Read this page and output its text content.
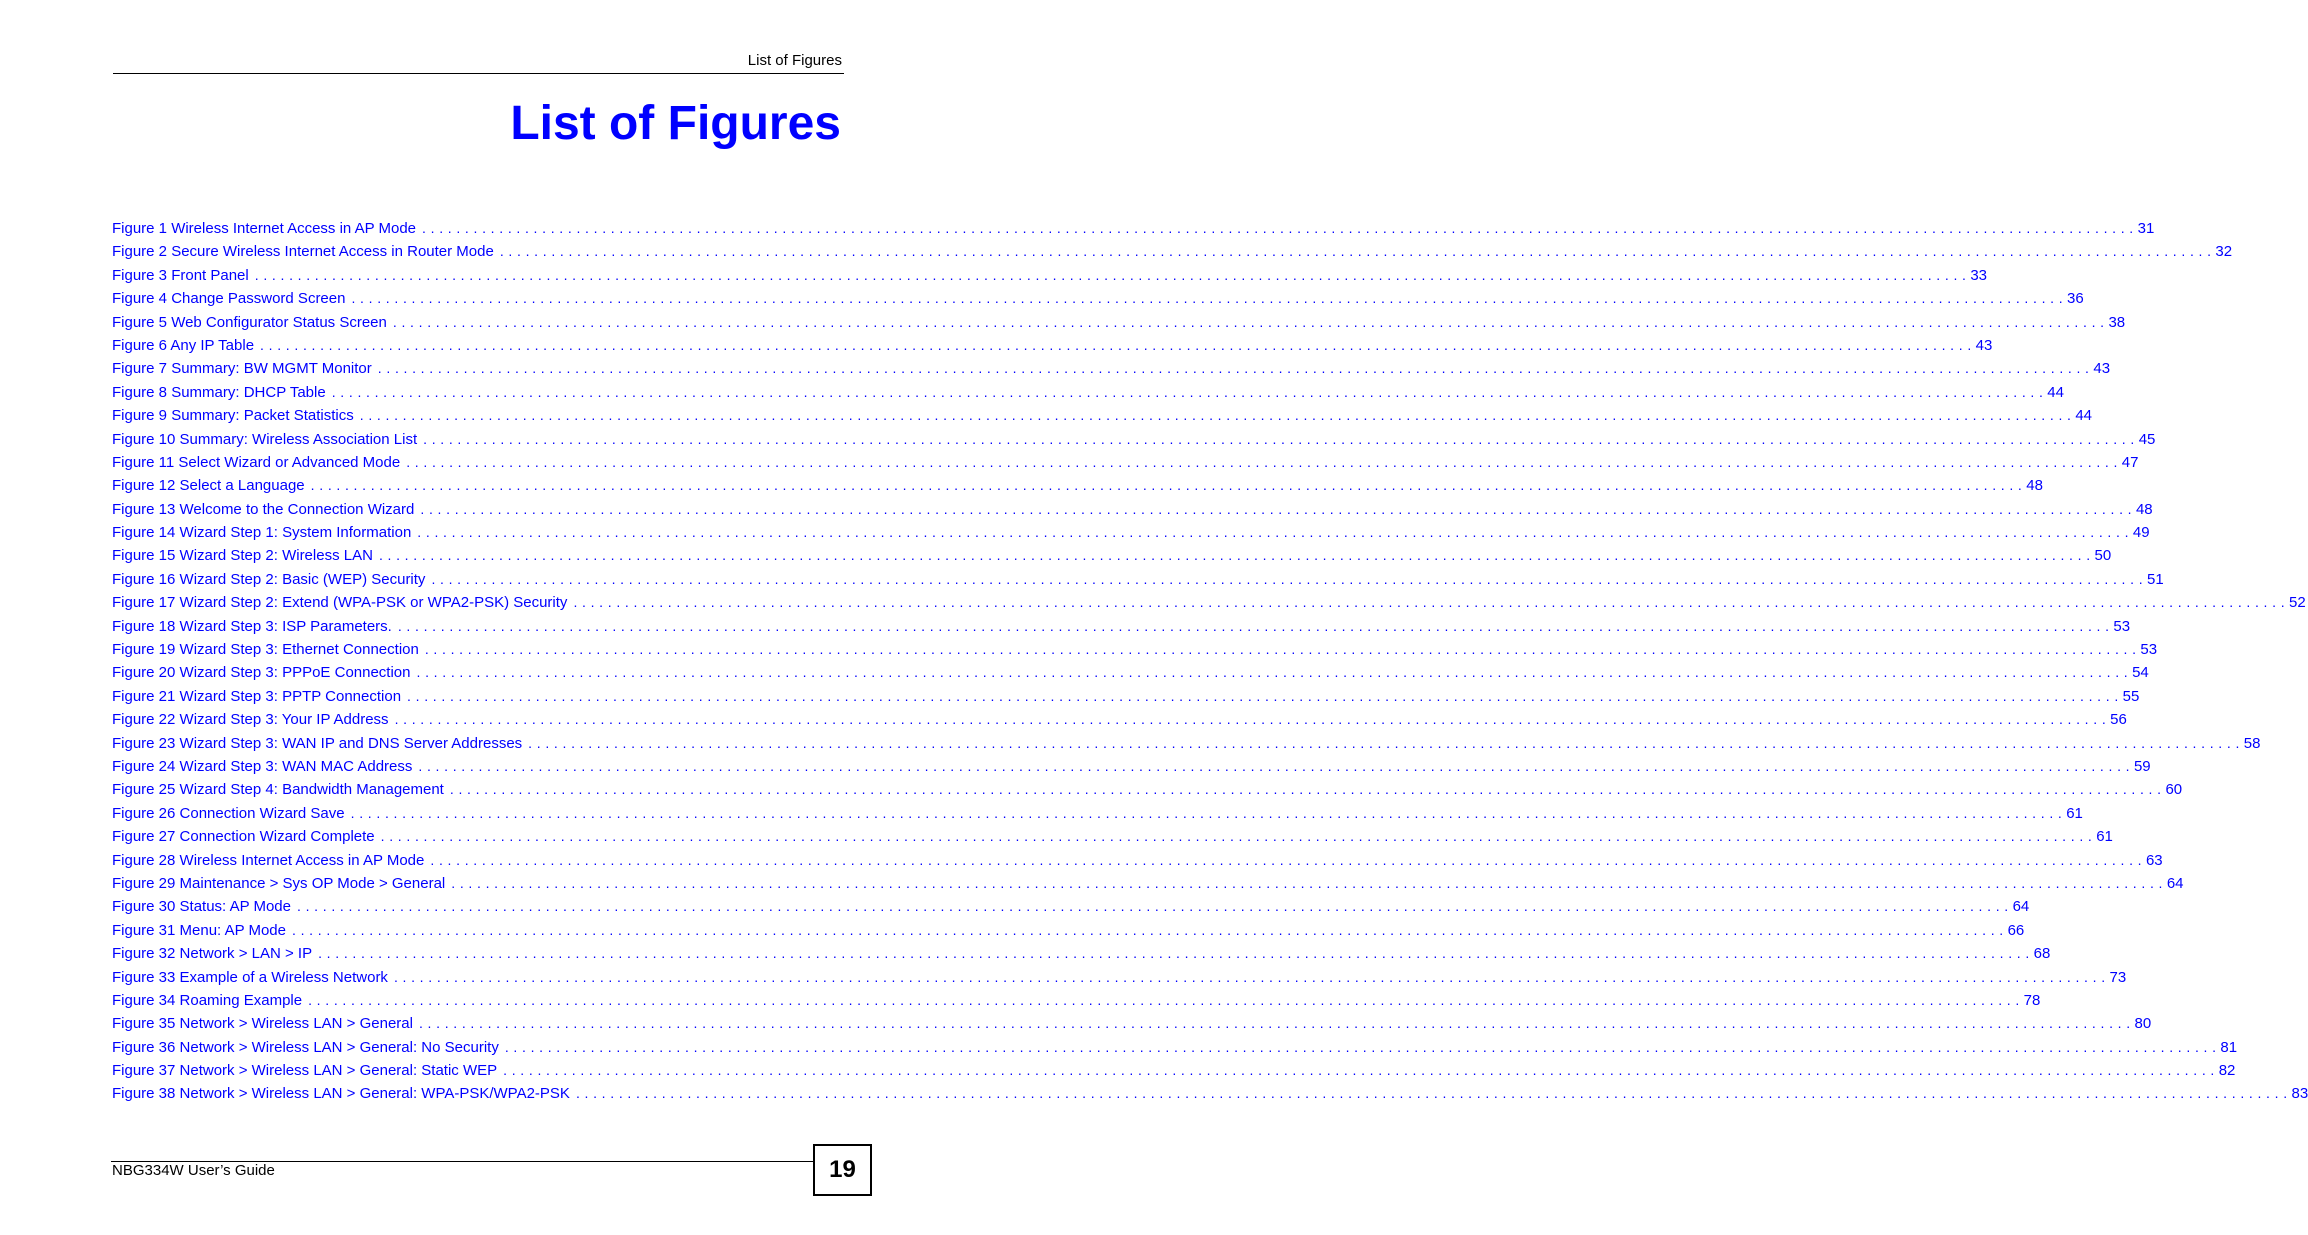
List of Figures
List of Figures
Figure 1 Wireless Internet Access in AP Mode . . . . . . . . . . . . . . . . . . . . . . . . . . . . . . . . . . . . . . . . . . . . . . . . . . . . . . . . . . . . . . . . . . . . . . . . . . . . . . . . . . . . . . . . . . . . . . . . . . . . . . . . . . . . . . . . . . . . . . . . . . . . . . . . . . . . . . . . . . . . . . . . . . . . . . . . . . . . . . . . . . . . . . . . . . . . . . . . . . . . . . . . . . . . . . . . . . . . . . . . 31
Figure 2 Secure Wireless Internet Access in Router Mode . . . . . . . . . . . . . . . . . . . . . . . . . . . . . . . . . . . . . . . . . . . . . . . . . . . . . . . . . . . . . . . . . . . . . . . . . . . . . . . . . . . . . . . . . . . . . . . . . . . . . . . . . . . . . . . . . . . . . . . . . . . . . . . . . . . . . . . . . . . . . . . . . . . . . . . . . . . . . . . . . . . . . . . . . . . . . . . . . . . . . . . . . . . . . . . . . . . . . . . . 32
Figure 3 Front Panel . . . . . . . . . . . . . . . . . . . . . . . . . . . . . . . . . . . . . . . . . . . . . . . . . . . . . . . . . . . . . . . . . . . . . . . . . . . . . . . . . . . . . . . . . . . . . . . . . . . . . . . . . . . . . . . . . . . . . . . . . . . . . . . . . . . . . . . . . . . . . . . . . . . . . . . . . . . . . . . . . . . . . . . . . . . . . . . . . . . . . . . . . . . . . . . . . . . . . . . . 33
Figure 4 Change Password Screen . . . . . . . . . . . . . . . . . . . . . . . . . . . . . . . . . . . . . . . . . . . . . . . . . . . . . . . . . . . . . . . . . . . . . . . . . . . . . . . . . . . . . . . . . . . . . . . . . . . . . . . . . . . . . . . . . . . . . . . . . . . . . . . . . . . . . . . . . . . . . . . . . . . . . . . . . . . . . . . . . . . . . . . . . . . . . . . . . . . . . . . . . . . . . . . . . . . . . . . . 36
Figure 5 Web Configurator Status Screen . . . . . . . . . . . . . . . . . . . . . . . . . . . . . . . . . . . . . . . . . . . . . . . . . . . . . . . . . . . . . . . . . . . . . . . . . . . . . . . . . . . . . . . . . . . . . . . . . . . . . . . . . . . . . . . . . . . . . . . . . . . . . . . . . . . . . . . . . . . . . . . . . . . . . . . . . . . . . . . . . . . . . . . . . . . . . . . . . . . . . . . . . . . . . . . . . . . . . . . . 38
Figure 6 Any IP Table . . . . . . . . . . . . . . . . . . . . . . . . . . . . . . . . . . . . . . . . . . . . . . . . . . . . . . . . . . . . . . . . . . . . . . . . . . . . . . . . . . . . . . . . . . . . . . . . . . . . . . . . . . . . . . . . . . . . . . . . . . . . . . . . . . . . . . . . . . . . . . . . . . . . . . . . . . . . . . . . . . . . . . . . . . . . . . . . . . . . . . . . . . . . . . . . . . . . . . . . 43
Figure 7 Summary: BW MGMT Monitor . . . . . . . . . . . . . . . . . . . . . . . . . . . . . . . . . . . . . . . . . . . . . . . . . . . . . . . . . . . . . . . . . . . . . . . . . . . . . . . . . . . . . . . . . . . . . . . . . . . . . . . . . . . . . . . . . . . . . . . . . . . . . . . . . . . . . . . . . . . . . . . . . . . . . . . . . . . . . . . . . . . . . . . . . . . . . . . . . . . . . . . . . . . . . . . . . . . . . . . . 43
Figure 8 Summary: DHCP Table . . . . . . . . . . . . . . . . . . . . . . . . . . . . . . . . . . . . . . . . . . . . . . . . . . . . . . . . . . . . . . . . . . . . . . . . . . . . . . . . . . . . . . . . . . . . . . . . . . . . . . . . . . . . . . . . . . . . . . . . . . . . . . . . . . . . . . . . . . . . . . . . . . . . . . . . . . . . . . . . . . . . . . . . . . . . . . . . . . . . . . . . . . . . . . . . . . . . . . . . 44
Figure 9 Summary: Packet Statistics . . . . . . . . . . . . . . . . . . . . . . . . . . . . . . . . . . . . . . . . . . . . . . . . . . . . . . . . . . . . . . . . . . . . . . . . . . . . . . . . . . . . . . . . . . . . . . . . . . . . . . . . . . . . . . . . . . . . . . . . . . . . . . . . . . . . . . . . . . . . . . . . . . . . . . . . . . . . . . . . . . . . . . . . . . . . . . . . . . . . . . . . . . . . . . . . . . . . . . . . 44
Figure 10 Summary: Wireless Association List . . . . . . . . . . . . . . . . . . . . . . . . . . . . . . . . . . . . . . . . . . . . . . . . . . . . . . . . . . . . . . . . . . . . . . . . . . . . . . . . . . . . . . . . . . . . . . . . . . . . . . . . . . . . . . . . . . . . . . . . . . . . . . . . . . . . . . . . . . . . . . . . . . . . . . . . . . . . . . . . . . . . . . . . . . . . . . . . . . . . . . . . . . . . . . . . . . . . . . . . 45
Figure 11 Select Wizard or Advanced Mode . . . . . . . . . . . . . . . . . . . . . . . . . . . . . . . . . . . . . . . . . . . . . . . . . . . . . . . . . . . . . . . . . . . . . . . . . . . . . . . . . . . . . . . . . . . . . . . . . . . . . . . . . . . . . . . . . . . . . . . . . . . . . . . . . . . . . . . . . . . . . . . . . . . . . . . . . . . . . . . . . . . . . . . . . . . . . . . . . . . . . . . . . . . . . . . . . . . . . . . . 47
Figure 12 Select a Language . . . . . . . . . . . . . . . . . . . . . . . . . . . . . . . . . . . . . . . . . . . . . . . . . . . . . . . . . . . . . . . . . . . . . . . . . . . . . . . . . . . . . . . . . . . . . . . . . . . . . . . . . . . . . . . . . . . . . . . . . . . . . . . . . . . . . . . . . . . . . . . . . . . . . . . . . . . . . . . . . . . . . . . . . . . . . . . . . . . . . . . . . . . . . . . . . . . . . . . . 48
Figure 13 Welcome to the Connection Wizard . . . . . . . . . . . . . . . . . . . . . . . . . . . . . . . . . . . . . . . . . . . . . . . . . . . . . . . . . . . . . . . . . . . . . . . . . . . . . . . . . . . . . . . . . . . . . . . . . . . . . . . . . . . . . . . . . . . . . . . . . . . . . . . . . . . . . . . . . . . . . . . . . . . . . . . . . . . . . . . . . . . . . . . . . . . . . . . . . . . . . . . . . . . . . . . . . . . . . . . . 48
Figure 14 Wizard Step 1: System Information . . . . . . . . . . . . . . . . . . . . . . . . . . . . . . . . . . . . . . . . . . . . . . . . . . . . . . . . . . . . . . . . . . . . . . . . . . . . . . . . . . . . . . . . . . . . . . . . . . . . . . . . . . . . . . . . . . . . . . . . . . . . . . . . . . . . . . . . . . . . . . . . . . . . . . . . . . . . . . . . . . . . . . . . . . . . . . . . . . . . . . . . . . . . . . . . . . . . . . . . 49
Figure 15 Wizard Step 2: Wireless LAN . . . . . . . . . . . . . . . . . . . . . . . . . . . . . . . . . . . . . . . . . . . . . . . . . . . . . . . . . . . . . . . . . . . . . . . . . . . . . . . . . . . . . . . . . . . . . . . . . . . . . . . . . . . . . . . . . . . . . . . . . . . . . . . . . . . . . . . . . . . . . . . . . . . . . . . . . . . . . . . . . . . . . . . . . . . . . . . . . . . . . . . . . . . . . . . . . . . . . . . . 50
Figure 16 Wizard Step 2: Basic (WEP) Security . . . . . . . . . . . . . . . . . . . . . . . . . . . . . . . . . . . . . . . . . . . . . . . . . . . . . . . . . . . . . . . . . . . . . . . . . . . . . . . . . . . . . . . . . . . . . . . . . . . . . . . . . . . . . . . . . . . . . . . . . . . . . . . . . . . . . . . . . . . . . . . . . . . . . . . . . . . . . . . . . . . . . . . . . . . . . . . . . . . . . . . . . . . . . . . . . . . . . . . . 51
Figure 17 Wizard Step 2: Extend (WPA-PSK or WPA2-PSK) Security . . . . . . . . . . . . . . . . . . . . . . . . . . . . . . . . . . . . . . . . . . . . . . . . . . . . . . . . . . . . . . . . . . . . . . . . . . . . . . . . . . . . . . . . . . . . . . . . . . . . . . . . . . . . . . . . . . . . . . . . . . . . . . . . . . . . . . . . . . . . . . . . . . . . . . . . . . . . . . . . . . . . . . . . . . . . . . . . . . . . . . . . . . . . . . . . . . . . . . . . 52
Figure 18 Wizard Step 3: ISP Parameters. . . . . . . . . . . . . . . . . . . . . . . . . . . . . . . . . . . . . . . . . . . . . . . . . . . . . . . . . . . . . . . . . . . . . . . . . . . . . . . . . . . . . . . . . . . . . . . . . . . . . . . . . . . . . . . . . . . . . . . . . . . . . . . . . . . . . . . . . . . . . . . . . . . . . . . . . . . . . . . . . . . . . . . . . . . . . . . . . . . . . . . . . . . . . . . . . . . . . . . . . 53
Figure 19 Wizard Step 3: Ethernet Connection . . . . . . . . . . . . . . . . . . . . . . . . . . . . . . . . . . . . . . . . . . . . . . . . . . . . . . . . . . . . . . . . . . . . . . . . . . . . . . . . . . . . . . . . . . . . . . . . . . . . . . . . . . . . . . . . . . . . . . . . . . . . . . . . . . . . . . . . . . . . . . . . . . . . . . . . . . . . . . . . . . . . . . . . . . . . . . . . . . . . . . . . . . . . . . . . . . . . . . . . 53
Figure 20 Wizard Step 3: PPPoE Connection . . . . . . . . . . . . . . . . . . . . . . . . . . . . . . . . . . . . . . . . . . . . . . . . . . . . . . . . . . . . . . . . . . . . . . . . . . . . . . . . . . . . . . . . . . . . . . . . . . . . . . . . . . . . . . . . . . . . . . . . . . . . . . . . . . . . . . . . . . . . . . . . . . . . . . . . . . . . . . . . . . . . . . . . . . . . . . . . . . . . . . . . . . . . . . . . . . . . . . . . 54
Figure 21 Wizard Step 3: PPTP Connection . . . . . . . . . . . . . . . . . . . . . . . . . . . . . . . . . . . . . . . . . . . . . . . . . . . . . . . . . . . . . . . . . . . . . . . . . . . . . . . . . . . . . . . . . . . . . . . . . . . . . . . . . . . . . . . . . . . . . . . . . . . . . . . . . . . . . . . . . . . . . . . . . . . . . . . . . . . . . . . . . . . . . . . . . . . . . . . . . . . . . . . . . . . . . . . . . . . . . . . . 55
Figure 22 Wizard Step 3: Your IP Address . . . . . . . . . . . . . . . . . . . . . . . . . . . . . . . . . . . . . . . . . . . . . . . . . . . . . . . . . . . . . . . . . . . . . . . . . . . . . . . . . . . . . . . . . . . . . . . . . . . . . . . . . . . . . . . . . . . . . . . . . . . . . . . . . . . . . . . . . . . . . . . . . . . . . . . . . . . . . . . . . . . . . . . . . . . . . . . . . . . . . . . . . . . . . . . . . . . . . . . . 56
Figure 23 Wizard Step 3: WAN IP and DNS Server Addresses . . . . . . . . . . . . . . . . . . . . . . . . . . . . . . . . . . . . . . . . . . . . . . . . . . . . . . . . . . . . . . . . . . . . . . . . . . . . . . . . . . . . . . . . . . . . . . . . . . . . . . . . . . . . . . . . . . . . . . . . . . . . . . . . . . . . . . . . . . . . . . . . . . . . . . . . . . . . . . . . . . . . . . . . . . . . . . . . . . . . . . . . . . . . . . . . . . . . . . . . 58
Figure 24 Wizard Step 3: WAN MAC Address . . . . . . . . . . . . . . . . . . . . . . . . . . . . . . . . . . . . . . . . . . . . . . . . . . . . . . . . . . . . . . . . . . . . . . . . . . . . . . . . . . . . . . . . . . . . . . . . . . . . . . . . . . . . . . . . . . . . . . . . . . . . . . . . . . . . . . . . . . . . . . . . . . . . . . . . . . . . . . . . . . . . . . . . . . . . . . . . . . . . . . . . . . . . . . . . . . . . . . . . 59
Figure 25 Wizard Step 4: Bandwidth Management . . . . . . . . . . . . . . . . . . . . . . . . . . . . . . . . . . . . . . . . . . . . . . . . . . . . . . . . . . . . . . . . . . . . . . . . . . . . . . . . . . . . . . . . . . . . . . . . . . . . . . . . . . . . . . . . . . . . . . . . . . . . . . . . . . . . . . . . . . . . . . . . . . . . . . . . . . . . . . . . . . . . . . . . . . . . . . . . . . . . . . . . . . . . . . . . . . . . . . . . 60
Figure 26 Connection Wizard Save . . . . . . . . . . . . . . . . . . . . . . . . . . . . . . . . . . . . . . . . . . . . . . . . . . . . . . . . . . . . . . . . . . . . . . . . . . . . . . . . . . . . . . . . . . . . . . . . . . . . . . . . . . . . . . . . . . . . . . . . . . . . . . . . . . . . . . . . . . . . . . . . . . . . . . . . . . . . . . . . . . . . . . . . . . . . . . . . . . . . . . . . . . . . . . . . . . . . . . . . 61
Figure 27 Connection Wizard Complete . . . . . . . . . . . . . . . . . . . . . . . . . . . . . . . . . . . . . . . . . . . . . . . . . . . . . . . . . . . . . . . . . . . . . . . . . . . . . . . . . . . . . . . . . . . . . . . . . . . . . . . . . . . . . . . . . . . . . . . . . . . . . . . . . . . . . . . . . . . . . . . . . . . . . . . . . . . . . . . . . . . . . . . . . . . . . . . . . . . . . . . . . . . . . . . . . . . . . . . . 61
Figure 28 Wireless Internet Access in AP Mode . . . . . . . . . . . . . . . . . . . . . . . . . . . . . . . . . . . . . . . . . . . . . . . . . . . . . . . . . . . . . . . . . . . . . . . . . . . . . . . . . . . . . . . . . . . . . . . . . . . . . . . . . . . . . . . . . . . . . . . . . . . . . . . . . . . . . . . . . . . . . . . . . . . . . . . . . . . . . . . . . . . . . . . . . . . . . . . . . . . . . . . . . . . . . . . . . . . . . . . . 63
Figure 29 Maintenance > Sys OP Mode > General . . . . . . . . . . . . . . . . . . . . . . . . . . . . . . . . . . . . . . . . . . . . . . . . . . . . . . . . . . . . . . . . . . . . . . . . . . . . . . . . . . . . . . . . . . . . . . . . . . . . . . . . . . . . . . . . . . . . . . . . . . . . . . . . . . . . . . . . . . . . . . . . . . . . . . . . . . . . . . . . . . . . . . . . . . . . . . . . . . . . . . . . . . . . . . . . . . . . . . . . 64
Figure 30 Status: AP Mode . . . . . . . . . . . . . . . . . . . . . . . . . . . . . . . . . . . . . . . . . . . . . . . . . . . . . . . . . . . . . . . . . . . . . . . . . . . . . . . . . . . . . . . . . . . . . . . . . . . . . . . . . . . . . . . . . . . . . . . . . . . . . . . . . . . . . . . . . . . . . . . . . . . . . . . . . . . . . . . . . . . . . . . . . . . . . . . . . . . . . . . . . . . . . . . . . . . . . . . . 64
Figure 31 Menu: AP Mode . . . . . . . . . . . . . . . . . . . . . . . . . . . . . . . . . . . . . . . . . . . . . . . . . . . . . . . . . . . . . . . . . . . . . . . . . . . . . . . . . . . . . . . . . . . . . . . . . . . . . . . . . . . . . . . . . . . . . . . . . . . . . . . . . . . . . . . . . . . . . . . . . . . . . . . . . . . . . . . . . . . . . . . . . . . . . . . . . . . . . . . . . . . . . . . . . . . . . . . . 66
Figure 32 Network > LAN > IP . . . . . . . . . . . . . . . . . . . . . . . . . . . . . . . . . . . . . . . . . . . . . . . . . . . . . . . . . . . . . . . . . . . . . . . . . . . . . . . . . . . . . . . . . . . . . . . . . . . . . . . . . . . . . . . . . . . . . . . . . . . . . . . . . . . . . . . . . . . . . . . . . . . . . . . . . . . . . . . . . . . . . . . . . . . . . . . . . . . . . . . . . . . . . . . . . . . . . . . . 68
Figure 33 Example of a Wireless Network . . . . . . . . . . . . . . . . . . . . . . . . . . . . . . . . . . . . . . . . . . . . . . . . . . . . . . . . . . . . . . . . . . . . . . . . . . . . . . . . . . . . . . . . . . . . . . . . . . . . . . . . . . . . . . . . . . . . . . . . . . . . . . . . . . . . . . . . . . . . . . . . . . . . . . . . . . . . . . . . . . . . . . . . . . . . . . . . . . . . . . . . . . . . . . . . . . . . . . . . 73
Figure 34 Roaming Example . . . . . . . . . . . . . . . . . . . . . . . . . . . . . . . . . . . . . . . . . . . . . . . . . . . . . . . . . . . . . . . . . . . . . . . . . . . . . . . . . . . . . . . . . . . . . . . . . . . . . . . . . . . . . . . . . . . . . . . . . . . . . . . . . . . . . . . . . . . . . . . . . . . . . . . . . . . . . . . . . . . . . . . . . . . . . . . . . . . . . . . . . . . . . . . . . . . . . . . . 78
Figure 35 Network > Wireless LAN > General . . . . . . . . . . . . . . . . . . . . . . . . . . . . . . . . . . . . . . . . . . . . . . . . . . . . . . . . . . . . . . . . . . . . . . . . . . . . . . . . . . . . . . . . . . . . . . . . . . . . . . . . . . . . . . . . . . . . . . . . . . . . . . . . . . . . . . . . . . . . . . . . . . . . . . . . . . . . . . . . . . . . . . . . . . . . . . . . . . . . . . . . . . . . . . . . . . . . . . . . 80
Figure 36 Network > Wireless LAN > General: No Security . . . . . . . . . . . . . . . . . . . . . . . . . . . . . . . . . . . . . . . . . . . . . . . . . . . . . . . . . . . . . . . . . . . . . . . . . . . . . . . . . . . . . . . . . . . . . . . . . . . . . . . . . . . . . . . . . . . . . . . . . . . . . . . . . . . . . . . . . . . . . . . . . . . . . . . . . . . . . . . . . . . . . . . . . . . . . . . . . . . . . . . . . . . . . . . . . . . . . . . . 81
Figure 37 Network > Wireless LAN > General: Static WEP . . . . . . . . . . . . . . . . . . . . . . . . . . . . . . . . . . . . . . . . . . . . . . . . . . . . . . . . . . . . . . . . . . . . . . . . . . . . . . . . . . . . . . . . . . . . . . . . . . . . . . . . . . . . . . . . . . . . . . . . . . . . . . . . . . . . . . . . . . . . . . . . . . . . . . . . . . . . . . . . . . . . . . . . . . . . . . . . . . . . . . . . . . . . . . . . . . . . . . . . 82
Figure 38 Network > Wireless LAN > General: WPA-PSK/WPA2-PSK . . . . . . . . . . . . . . . . . . . . . . . . . . . . . . . . . . . . . . . . . . . . . . . . . . . . . . . . . . . . . . . . . . . . . . . . . . . . . . . . . . . . . . . . . . . . . . . . . . . . . . . . . . . . . . . . . . . . . . . . . . . . . . . . . . . . . . . . . . . . . . . . . . . . . . . . . . . . . . . . . . . . . . . . . . . . . . . . . . . . . . . . . . . . . . . . . . . . . . . . 83
NBG334W User’s Guide	19
